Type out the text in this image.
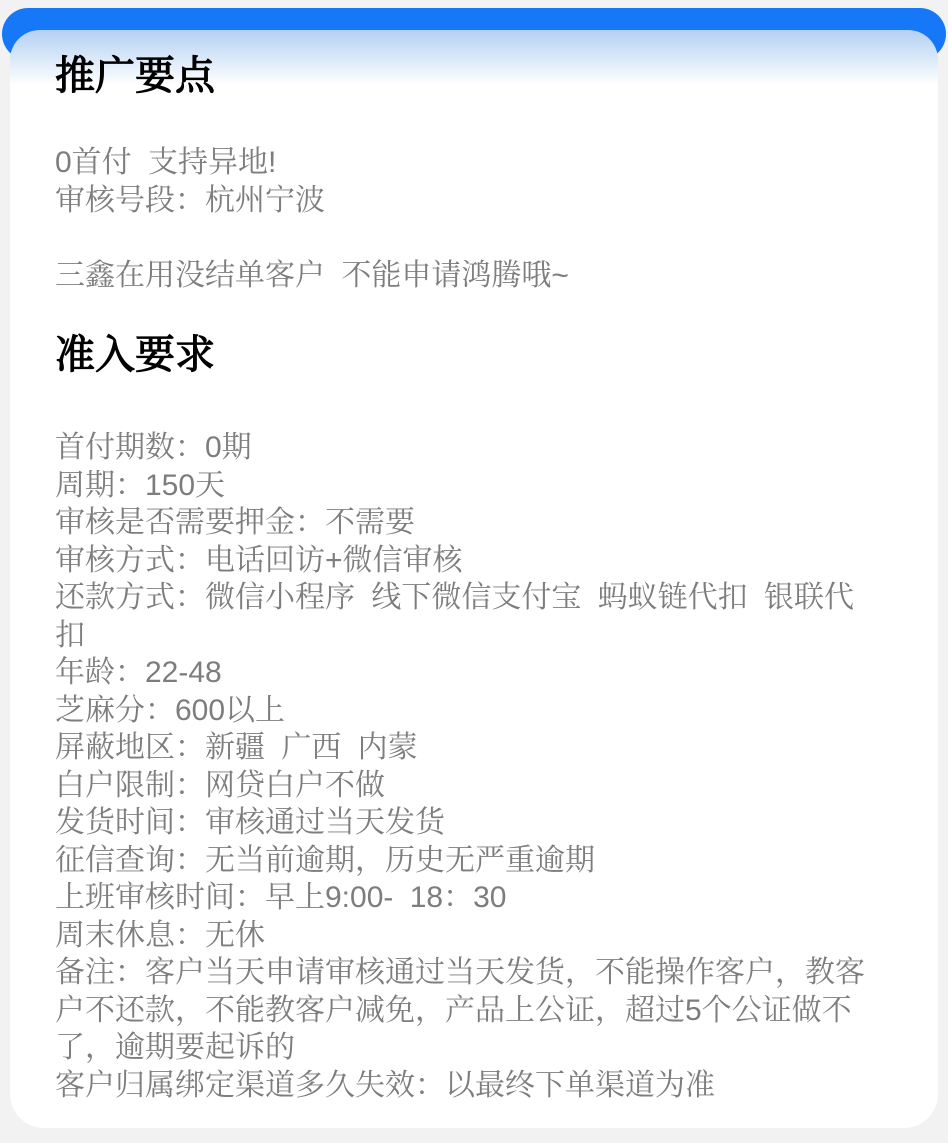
推广要点

0首付 支持异地!

审核号段：杭州宁波

三鑫在用没结单客户 不能申请鸿腾哦~

准入要求

首付期数：0期

周期：150天

审核是否需要押金：不需要

审核方式：电话回访+微信审核

还款方式：微信小程序 线下微信支付宝 蚂蚁链代扣 银联代扣

年龄：22-48

芝麻分：600以上

屏蔽地区：新疆 广西 内蒙

白户限制：网贷白户不做

发货时间：审核通过当天发货

征信查询：无当前逾期，历史无严重逾期

上班审核时间：早上9:00- 18：30

周末休息：无休

备注：客户当天申请审核通过当天发货，不能操作客户，教客户不还款，不能教客户减免，产品上公证，超过5个公证做不了，逾期要起诉的

客户归属绑定渠道多久失效：以最终下单渠道为准
